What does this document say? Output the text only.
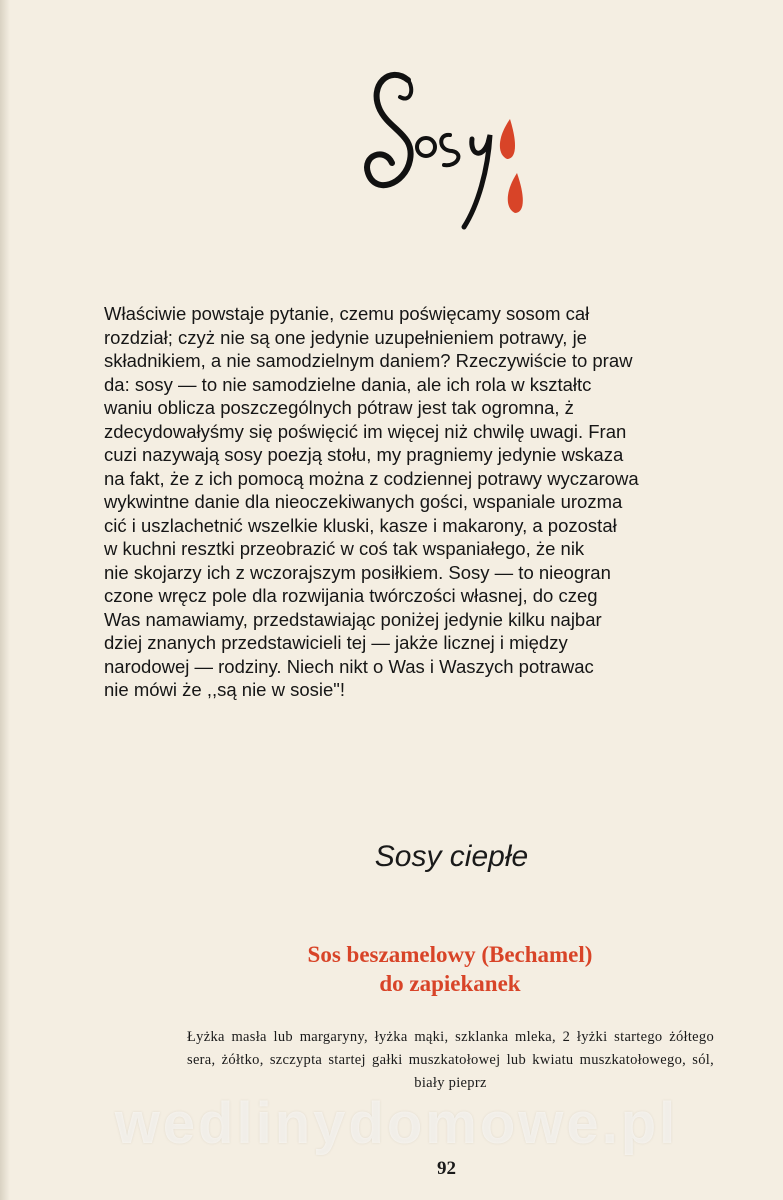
Właściwie powstaje pytanie, czemu poświęcamy sosom cał
rozdział; czyż nie są one jedynie uzupełnieniem potrawy, je
składnikiem, a nie samodzielnym daniem? Rzeczywiście to praw
da: sosy — to nie samodzielne dania, ale ich rola w kształtc
waniu oblicza poszczególnych pótraw jest tak ogromna, ż
zdecydowałyśmy się poświęcić im więcej niż chwilę uwagi. Fran
cuzi nazywają sosy poezją stołu, my pragniemy jedynie wskaza
na fakt, że z ich pomocą można z codziennej potrawy wyczarowa
wykwintne danie dla nieoczekiwanych gości, wspaniale urozma
cić i uszlachetnić wszelkie kluski, kasze i makarony, a pozostał
w kuchni resztki przeobrazić w coś tak wspaniałego, że nik
nie skojarzy ich z wczorajszym posiłkiem. Sosy — to nieogran
czone wręcz pole dla rozwijania twórczości własnej, do czeg
Was namawiamy, przedstawiając poniżej jedynie kilku najbar
dziej znanych przedstawicieli tej — jakże licznej i między
narodowej — rodziny. Niech nikt o Was i Waszych potrawac
nie mówi że ,,są nie w sosie"!
Sosy ciepłe
Sos beszamelowy (Bechamel)
do zapiekanek

Łyżka masła lub margaryny, łyżka mąki, szklanka mleka, 2 łyżki startego żółtego sera, żółtko, szczypta startej gałki muszkatołowej lub kwiatu muszkatołowego, sól, biały pieprz

wedlinydomowe.pl
92
